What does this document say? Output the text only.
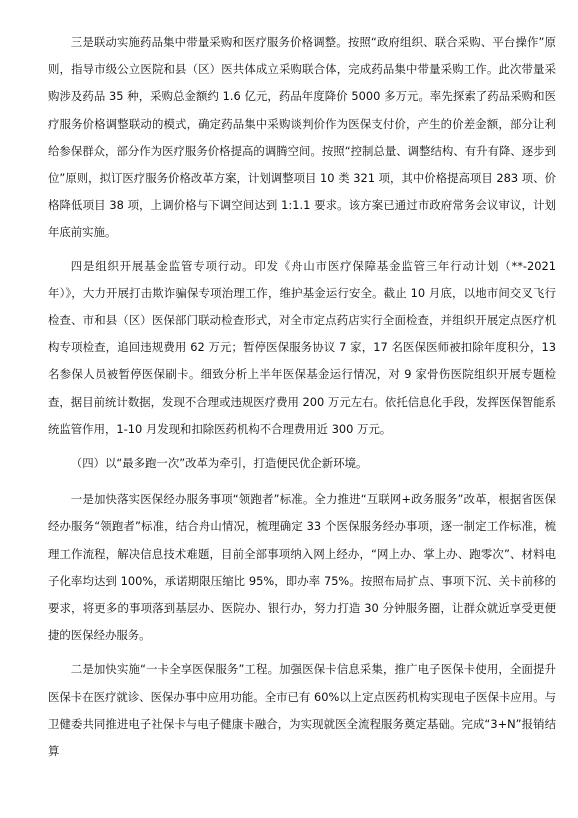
三是联动实施药品集中带量采购和医疗服务价格调整。按照“政府组织、联合采购、平台操作”原则，指导市级公立医院和县（区）医共体成立采购联合体，完成药品集中带量采购工作。此次带量采购涉及药品 35 种，采购总金额约 1.6 亿元，药品年度降价 5000 多万元。率先探索了药品采购和医疗服务价格调整联动的模式，确定药品集中采购谈判价作为医保支付价，产生的价差金额，部分让利给参保群众，部分作为医疗服务价格提高的调腾空间。按照“控制总量、调整结构、有升有降、逐步到位”原则，拟订医疗服务价格改革方案，计划调整项目 10 类 321 项，其中价格提高项目 283 项、价格降低项目 38 项，上调价格与下调空间达到 1:1.1 要求。该方案已通过市政府常务会议审议，计划年底前实施。

四是组织开展基金监管专项行动。印发《舟山市医疗保障基金监管三年行动计划（**-2021 年）》，大力开展打击欺诈骗保专项治理工作，维护基金运行安全。截止 10 月底，以地市间交叉飞行检查、市和县（区）医保部门联动检查形式，对全市定点药店实行全面检查，并组织开展定点医疗机构专项检查，追回违规费用 62 万元；暂停医保服务协议 7 家，17 名医保医师被扣除年度积分，13 名参保人员被暂停医保刷卡。细致分析上半年医保基金运行情况，对 9 家骨伤医院组织开展专题检查，据目前统计数据，发现不合理或违规医疗费用 200 万元左右。依托信息化手段，发挥医保智能系统监管作用，1-10 月发现和扣除医药机构不合理费用近 300 万元。

（四）以“最多跑一次”改革为牵引，打造便民优企新环境。

一是加快落实医保经办服务事项“领跑者”标准。全力推进“互联网+政务服务”改革，根据省医保经办服务“领跑者”标准，结合舟山情况，梳理确定 33 个医保服务经办事项，逐一制定工作标准，梳理工作流程，解决信息技术难题，目前全部事项纳入网上经办，“网上办、掌上办、跑零次”、材料电子化率均达到 100%，承诺期限压缩比 95%，即办率 75%。按照布局扩点、事项下沉、关卡前移的要求，将更多的事项落到基层办、医院办、银行办，努力打造 30 分钟服务圈，让群众就近享受更便捷的医保经办服务。

二是加快实施“一卡全享医保服务”工程。加强医保卡信息采集，推广电子医保卡使用，全面提升医保卡在医疗就诊、医保办事中应用功能。全市已有 60%以上定点医药机构实现电子医保卡应用。与卫健委共同推进电子社保卡与电子健康卡融合，为实现就医全流程服务奠定基础。完成“3+N”报销结算
